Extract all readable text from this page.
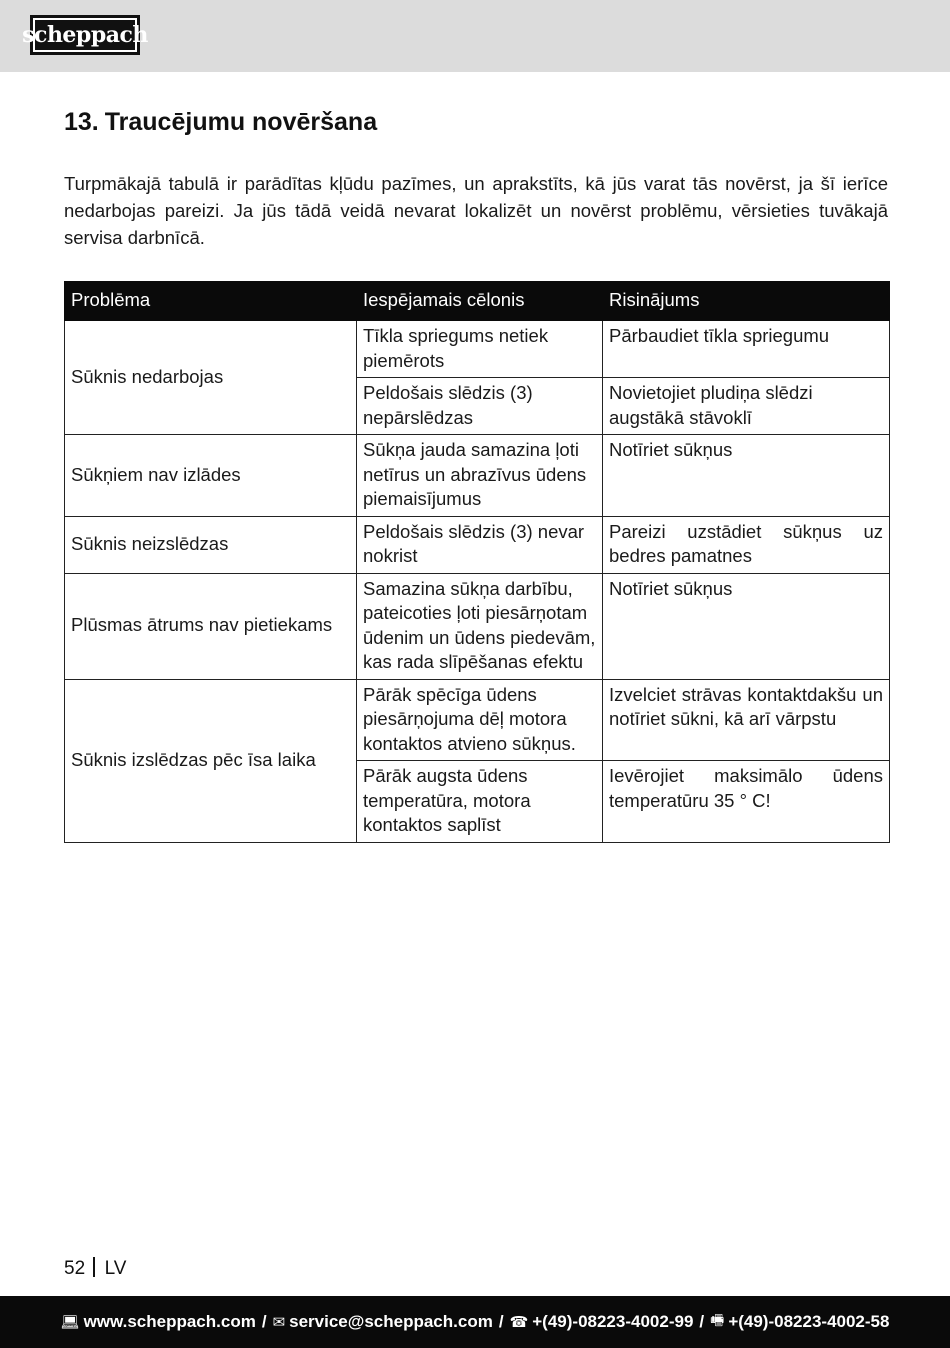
scheppach
13. Traucējumu novēršana

Turpmākajā tabulā ir parādītas kļūdu pazīmes, un aprakstīts, kā jūs varat tās novērst, ja šī ierīce nedarbojas pareizi. Ja jūs tādā veidā nevarat lokalizēt un novērst problēmu, vērsieties tuvākajā servisa darbnīcā.

Problēma	Iespējamais cēlonis	Risinājums
Sūknis nedarbojas	Tīkla spriegums netiek piemērots	Pārbaudiet tīkla spriegumu
	Peldošais slēdzis (3) nepārslēdzas	Novietojiet pludiņa slēdzi augstākā stāvoklī
Sūkņiem nav izlādes	Sūkņa jauda samazina ļoti netīrus un abrazīvus ūdens piemaisījumus	Notīriet sūkņus
Sūknis neizslēdzas	Peldošais slēdzis (3) nevar nokrist	Pareizi uzstādiet sūkņus uz bedres pamatnes
Plūsmas ātrums nav pietiekams	Samazina sūkņa darbību, pateicoties ļoti piesārņotam ūdenim un ūdens piedevām, kas rada slīpēšanas efektu	Notīriet sūkņus
Sūknis izslēdzas pēc īsa laika	Pārāk spēcīga ūdens piesārņojuma dēļ motora kontaktos atvieno sūkņus.	Izvelciet strāvas kontaktdakšu un notīriet sūkni, kā arī vārpstu
	Pārāk augsta ūdens temperatūra, motora kontaktos saplīst	Ievērojiet maksimālo ūdens temperatūru 35 ° C!
52 LV
💻︎ www.scheppach.com / ✉ service@scheppach.com / ☎ +(49)-08223-4002-99 / 🖷︎ +(49)-08223-4002-58
